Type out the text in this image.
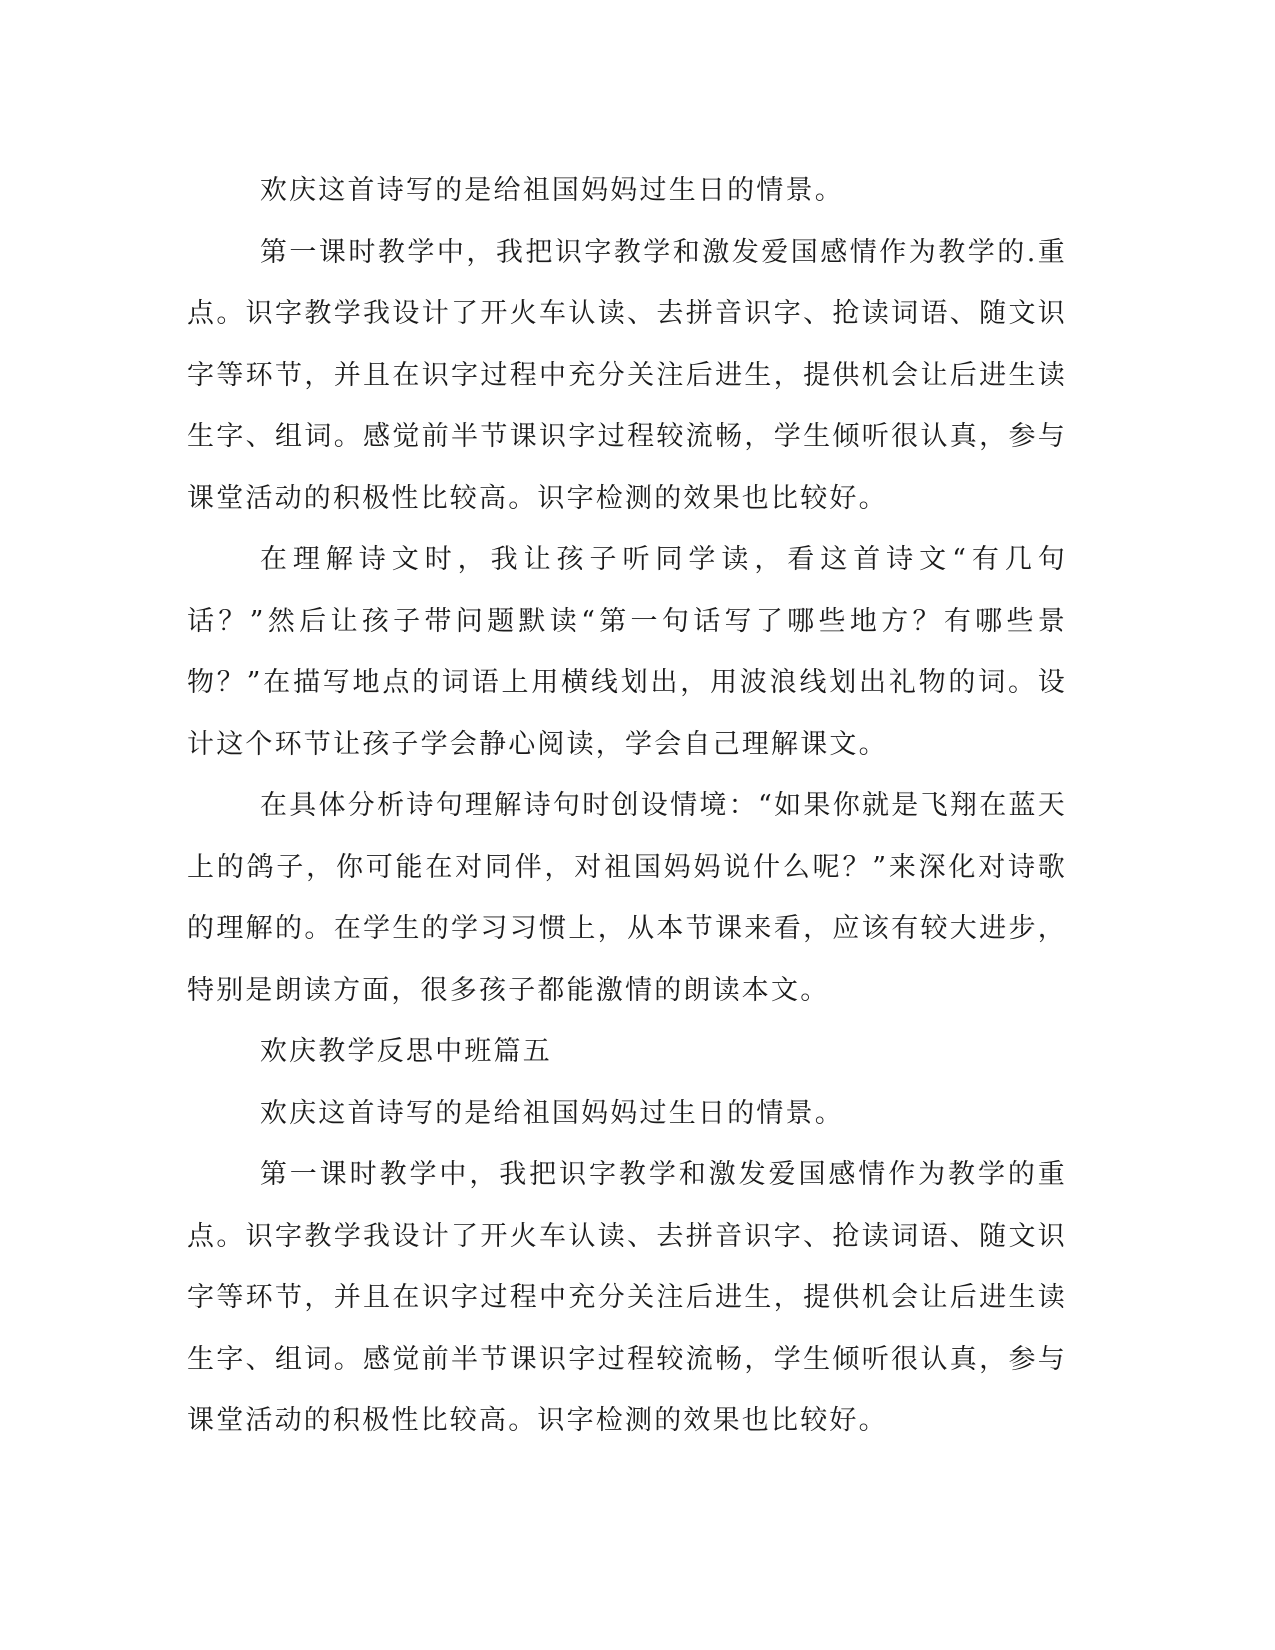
欢庆这首诗写的是给祖国妈妈过生日的情景。

第一课时教学中，我把识字教学和激发爱国感情作为教学的.重点。识字教学我设计了开火车认读、去拼音识字、抢读词语、随文识字等环节，并且在识字过程中充分关注后进生，提供机会让后进生读生字、组词。感觉前半节课识字过程较流畅，学生倾听很认真，参与课堂活动的积极性比较高。识字检测的效果也比较好。

在理解诗文时，我让孩子听同学读，看这首诗文“有几句话？”然后让孩子带问题默读“第一句话写了哪些地方？有哪些景物？”在描写地点的词语上用横线划出，用波浪线划出礼物的词。设计这个环节让孩子学会静心阅读，学会自己理解课文。

在具体分析诗句理解诗句时创设情境：“如果你就是飞翔在蓝天上的鸽子，你可能在对同伴，对祖国妈妈说什么呢？”来深化对诗歌的理解的。在学生的学习习惯上，从本节课来看，应该有较大进步，特别是朗读方面，很多孩子都能激情的朗读本文。

欢庆教学反思中班篇五

欢庆这首诗写的是给祖国妈妈过生日的情景。

第一课时教学中，我把识字教学和激发爱国感情作为教学的重点。识字教学我设计了开火车认读、去拼音识字、抢读词语、随文识字等环节，并且在识字过程中充分关注后进生，提供机会让后进生读生字、组词。感觉前半节课识字过程较流畅，学生倾听很认真，参与课堂活动的积极性比较高。识字检测的效果也比较好。
